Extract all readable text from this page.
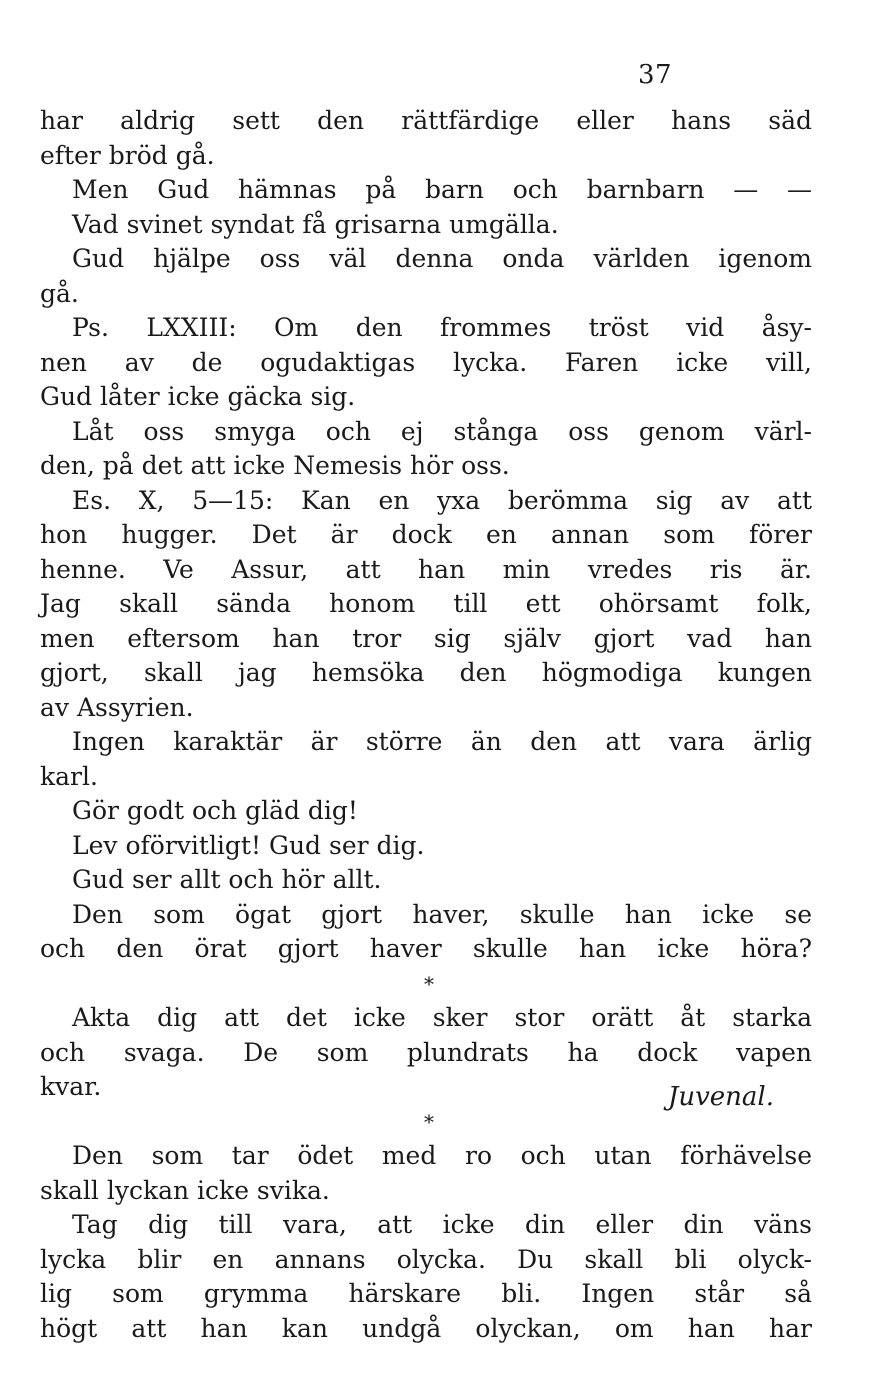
37
har aldrig sett den rättfärdige eller hans säd
efter bröd gå.
Men Gud hämnas på barn och barnbarn — —
Vad svinet syndat få grisarna umgälla.
Gud hjälpe oss väl denna onda världen igenom
gå.
Ps. LXXIII: Om den frommes tröst vid åsy-
nen av de ogudaktigas lycka. Faren icke vill,
Gud låter icke gäcka sig.
Låt oss smyga och ej stånga oss genom värl-
den, på det att icke Nemesis hör oss.
Es. X, 5—15: Kan en yxa berömma sig av att
hon hugger. Det är dock en annan som förer
henne. Ve Assur, att han min vredes ris är.
Jag skall sända honom till ett ohörsamt folk,
men eftersom han tror sig själv gjort vad han
gjort, skall jag hemsöka den högmodiga kungen
av Assyrien.
Ingen karaktär är större än den att vara ärlig
karl.
Gör godt och gläd dig!
Lev oförvitligt! Gud ser dig.
Gud ser allt och hör allt.
Den som ögat gjort haver, skulle han icke se
och den örat gjort haver skulle han icke höra?
*
Akta dig att det icke sker stor orätt åt starka
och svaga. De som plundrats ha dock vapen
kvar.	Juvenal.
*
Den som tar ödet med ro och utan förhävelse
skall lyckan icke svika.
Tag dig till vara, att icke din eller din väns
lycka blir en annans olycka. Du skall bli olyck-
lig som grymma härskare bli. Ingen står så
högt att han kan undgå olyckan, om han har
